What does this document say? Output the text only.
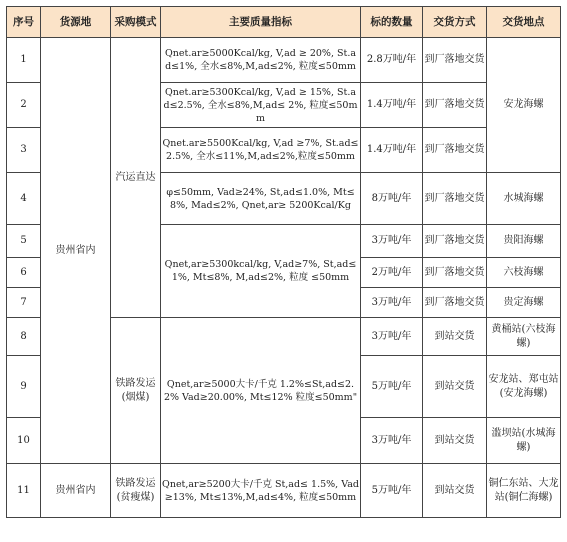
序号	货源地	采购模式	主要质量指标	标的数量	交货方式	交货地点
1	贵州省内	汽运直达	Qnet.ar≥5000Kcal/kg, V,ad ≥ 20%, St.ad≤1%, 全水≤8%,M,ad≤2%, 粒度≤50mm	2.8万吨/年	到厂落地交货	安龙海螺
2			Qnet.ar≥5300Kcal/kg, V,ad ≥ 15%, St.ad≤2.5%, 全水≤8%,M,ad≤ 2%, 粒度≤50mm	1.4万吨/年	到厂落地交货	
3			Qnet.ar≥5500Kcal/kg, V,ad ≥7%, St.ad≤2.5%, 全水≤11%,M,ad≤2%,粒度≤50mm	1.4万吨/年	到厂落地交货	
4			φ≤50mm, Vad≥24%, St,ad≤1.0%, Mt≤8%, Mad≤2%, Qnet,ar≥ 5200Kcal/Kg	8万吨/年	到厂落地交货	水城海螺
5			Qnet,ar≥5300kcal/kg, V,ad≥7%, St,ad≤1%, Mt≤8%, M,ad≤2%, 粒度 ≤50mm	3万吨/年	到厂落地交货	贵阳海螺
6				2万吨/年	到厂落地交货	六枝海螺
7				3万吨/年	到厂落地交货	贵定海螺
8		铁路发运 (烟煤)	Qnet,ar≥5000大卡/千克 1.2%≤St,ad≤2.2% Vad≥20.00%, Mt≤12% 粒度≤50mm"	3万吨/年	到站交货	黄桶站(六枝海螺)
9				5万吨/年	到站交货	安龙站、郑屯站 (安龙海螺)
10				3万吨/年	到站交货	滥坝站(水城海螺)
11	贵州省内	铁路发运 (贫瘦煤)	Qnet,ar≥5200大卡/千克 St,ad≤ 1.5%, Vad≥13%, Mt≤13%,M,ad≤4%, 粒度≤50mm	5万吨/年	到站交货	铜仁东站、大龙站(铜仁海螺)
